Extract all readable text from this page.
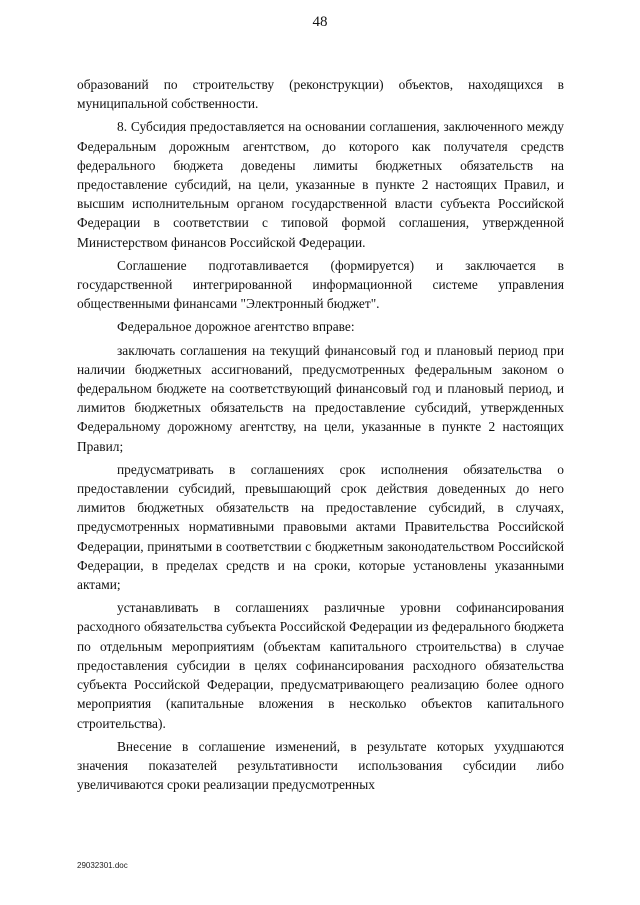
48

образований по строительству (реконструкции) объектов, находящихся в муниципальной собственности.

8. Субсидия предоставляется на основании соглашения, заключенного между Федеральным дорожным агентством, до которого как получателя средств федерального бюджета доведены лимиты бюджетных обязательств на предоставление субсидий, на цели, указанные в пункте 2 настоящих Правил, и высшим исполнительным органом государственной власти субъекта Российской Федерации в соответствии с типовой формой соглашения, утвержденной Министерством финансов Российской Федерации.

Соглашение подготавливается (формируется) и заключается в государственной интегрированной информационной системе управления общественными финансами "Электронный бюджет".

Федеральное дорожное агентство вправе:

заключать соглашения на текущий финансовый год и плановый период при наличии бюджетных ассигнований, предусмотренных федеральным законом о федеральном бюджете на соответствующий финансовый год и плановый период, и лимитов бюджетных обязательств на предоставление субсидий, утвержденных Федеральному дорожному агентству, на цели, указанные в пункте 2 настоящих Правил;

предусматривать в соглашениях срок исполнения обязательства о предоставлении субсидий, превышающий срок действия доведенных до него лимитов бюджетных обязательств на предоставление субсидий, в случаях, предусмотренных нормативными правовыми актами Правительства Российской Федерации, принятыми в соответствии с бюджетным законодательством Российской Федерации, в пределах средств и на сроки, которые установлены указанными актами;

устанавливать в соглашениях различные уровни софинансирования расходного обязательства субъекта Российской Федерации из федерального бюджета по отдельным мероприятиям (объектам капитального строительства) в случае предоставления субсидии в целях софинансирования расходного обязательства субъекта Российской Федерации, предусматривающего реализацию более одного мероприятия (капитальные вложения в несколько объектов капитального строительства).

Внесение в соглашение изменений, в результате которых ухудшаются значения показателей результативности использования субсидии либо увеличиваются сроки реализации предусмотренных

29032301.doc
